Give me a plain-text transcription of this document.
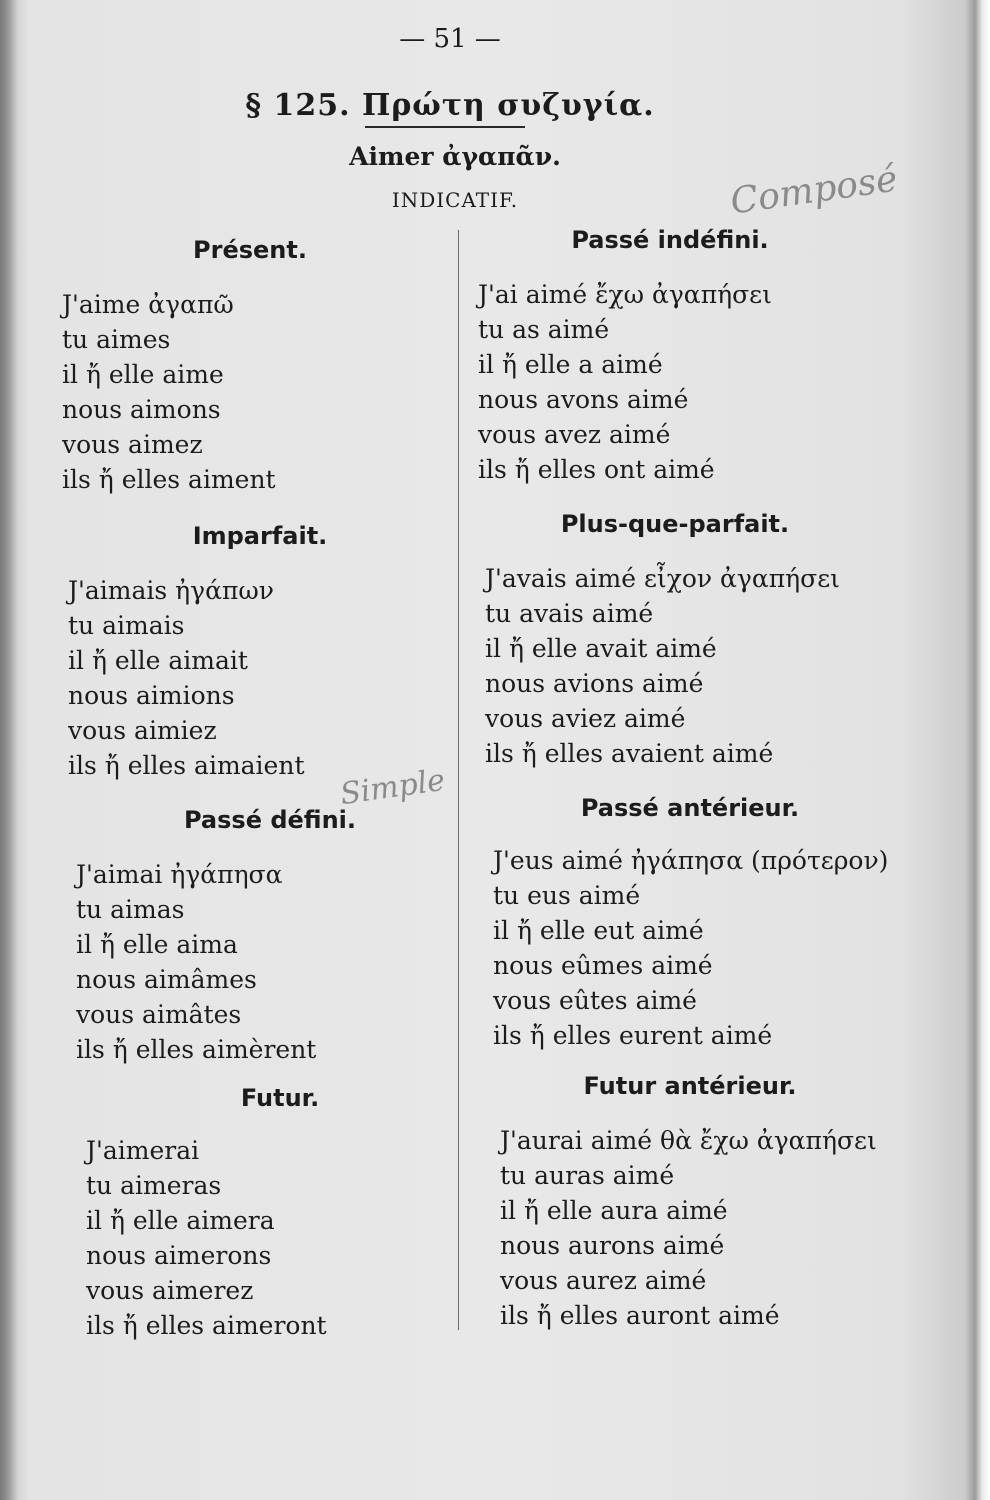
— 51 —
§ 125. Πρώτη συζυγία.
Aimer ἀγαπᾶν.
INDICATIF.	Composé
Simple
Présent.
J'aime ἀγαπῶ
tu aimes
il ἤ elle aime
nous aimons
vous aimez
ils ἤ elles aiment
Imparfait.
J'aimais ἠγάπων
tu aimais
il ἤ elle aimait
nous aimions
vous aimiez
ils ἤ elles aimaient
Passé défini.
J'aimai ἠγάπησα
tu aimas
il ἤ elle aima
nous aimâmes
vous aimâtes
ils ἤ elles aimèrent
Futur.
J'aimerai
tu aimeras
il ἤ elle aimera
nous aimerons
vous aimerez
ils ἤ elles aimeront
Passé indéfini.
J'ai aimé ἔχω ἀγαπήσει
tu as aimé
il ἤ elle a aimé
nous avons aimé
vous avez aimé
ils ἤ elles ont aimé
Plus-que-parfait.
J'avais aimé εἶχον ἀγαπήσει
tu avais aimé
il ἤ elle avait aimé
nous avions aimé
vous aviez aimé
ils ἤ elles avaient aimé
Passé antérieur.
J'eus aimé ἠγάπησα (πρότερον)
tu eus aimé
il ἤ elle eut aimé
nous eûmes aimé
vous eûtes aimé
ils ἤ elles eurent aimé
Futur antérieur.
J'aurai aimé θὰ ἔχω ἀγαπήσει
tu auras aimé
il ἤ elle aura aimé
nous aurons aimé
vous aurez aimé
ils ἤ elles auront aimé
